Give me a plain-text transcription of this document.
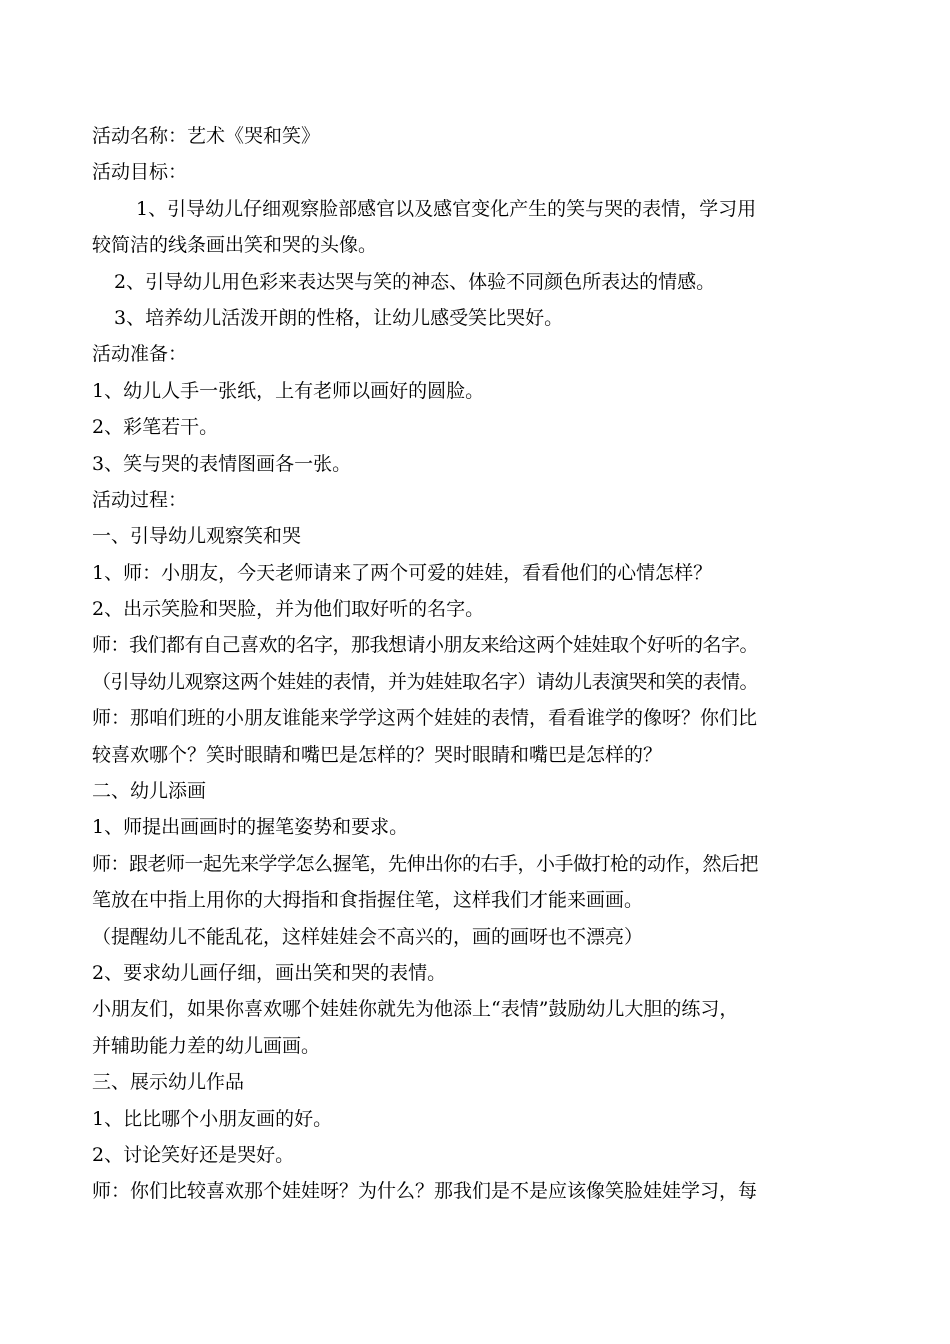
活动名称：艺术《哭和笑》

活动目标：

1、引导幼儿仔细观察脸部感官以及感官变化产生的笑与哭的表情，学习用

较简洁的线条画出笑和哭的头像。

2、引导幼儿用色彩来表达哭与笑的神态、体验不同颜色所表达的情感。

3、培养幼儿活泼开朗的性格，让幼儿感受笑比哭好。

活动准备：

1、幼儿人手一张纸，上有老师以画好的圆脸。

2、彩笔若干。

3、笑与哭的表情图画各一张。

活动过程：

一、引导幼儿观察笑和哭

1、师：小朋友，今天老师请来了两个可爱的娃娃，看看他们的心情怎样？

2、出示笑脸和哭脸，并为他们取好听的名字。

师：我们都有自己喜欢的名字，那我想请小朋友来给这两个娃娃取个好听的名字。

（引导幼儿观察这两个娃娃的表情，并为娃娃取名字）请幼儿表演哭和笑的表情。

师：那咱们班的小朋友谁能来学学这两个娃娃的表情，看看谁学的像呀？你们比

较喜欢哪个？笑时眼睛和嘴巴是怎样的？哭时眼睛和嘴巴是怎样的？

二、幼儿添画

1、师提出画画时的握笔姿势和要求。

师：跟老师一起先来学学怎么握笔，先伸出你的右手，小手做打枪的动作，然后把

笔放在中指上用你的大拇指和食指握住笔，这样我们才能来画画。

（提醒幼儿不能乱花，这样娃娃会不高兴的，画的画呀也不漂亮）

2、要求幼儿画仔细，画出笑和哭的表情。

小朋友们，如果你喜欢哪个娃娃你就先为他添上“表情”鼓励幼儿大胆的练习，

并辅助能力差的幼儿画画。

三、展示幼儿作品

1、比比哪个小朋友画的好。

2、讨论笑好还是哭好。

师：你们比较喜欢那个娃娃呀？为什么？那我们是不是应该像笑脸娃娃学习，每
